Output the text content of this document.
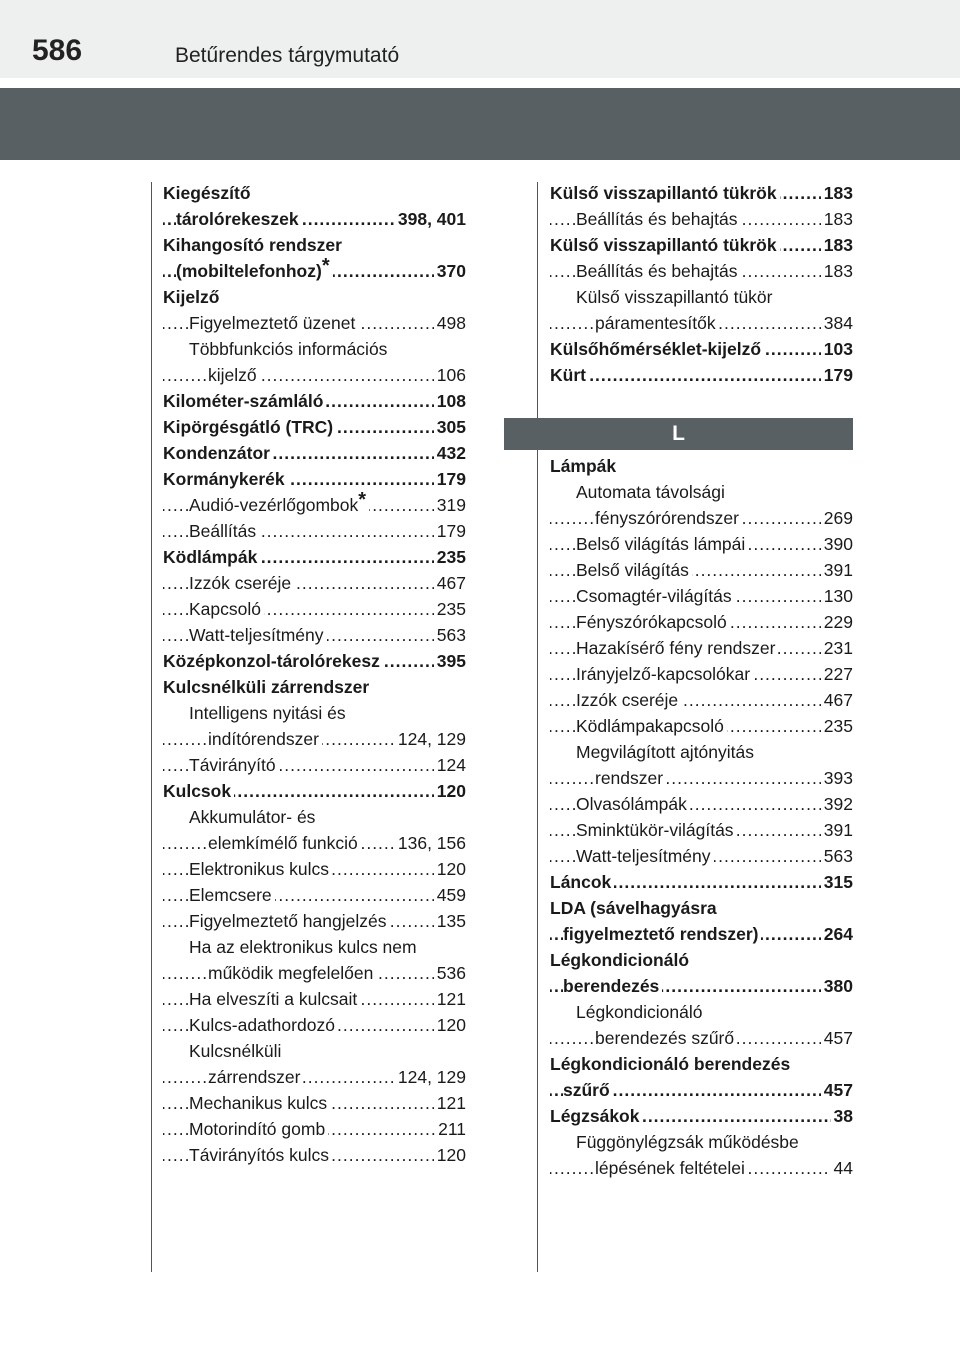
586	Betűrendes tárgymutató
Kiegészítő
tárolórekeszek	398, 401
.....
Kihangosító rendszer
(mobiltelefonhoz)*	370
.....
Kijelző
Figyelmeztető üzenet	498
.....
Többfunkciós információs
kijelző	106
.....
Kilométer-számláló	108
.....
Kipörgésgátló (TRC)	305
.....
Kondenzátor	432
.....
Kormánykerék	179
.....
Audió-vezérlőgombok*	319
.....
Beállítás	179
.....
Ködlámpák	235
.....
Izzók cseréje	467
.....
Kapcsoló	235
.....
Watt-teljesítmény	563
.....
Középkonzol-tárolórekesz	395
.....
Kulcsnélküli zárrendszer
Intelligens nyitási és
indítórendszer	124, 129
.....
Távirányító	124
.....
Kulcsok	120
.....
Akkumulátor- és
elemkímélő funkció 136, 156
.....
Elektronikus kulcs	120
.....
Elemcsere	459
.....
Figyelmeztető hangjelzés	135
.....
Ha az elektronikus kulcs nem
működik megfelelően	536
.....
Ha elveszíti a kulcsait	121
.....
Kulcs-adathordozó	120
.....
Kulcsnélküli
zárrendszer	124, 129
.....
Mechanikus kulcs	121
.....
Motorindító gomb	211
.....
Távirányítós kulcs	120
.....
Külső visszapillantó tükrök	183
.....
Beállítás és behajtás	183
.....
Külső visszapillantó tükrök	183
.....
Beállítás és behajtás	183
.....
Külső visszapillantó tükör
páramentesítők	384
.....
Külsőhőmérséklet-kijelző	103
.....
Kürt	179
.....
L
Lámpák
Automata távolsági
fényszórórendszer	269
.....
Belső világítás lámpái	390
.....
Belső világítás	391
.....
Csomagtér-világítás	130
.....
Fényszórókapcsoló	229
.....
Hazakísérő fény rendszer	231
.....
Irányjelző-kapcsolókar	227
.....
Izzók cseréje	467
.....
Ködlámpakapcsoló	235
.....
Megvilágított ajtónyitás
rendszer	393
.....
Olvasólámpák	392
.....
Sminktükör-világítás	391
.....
Watt-teljesítmény	563
.....
Láncok	315
.....
LDA (sávelhagyásra
figyelmeztető rendszer)	264
.....
Légkondicionáló
berendezés	380
.....
Légkondicionáló
berendezés szűrő	457
.....
Légkondicionáló berendezés
szűrő	457
.....
Légzsákok	38
.....
Függönylégzsák működésbe
lépésének feltételei	44
.....
